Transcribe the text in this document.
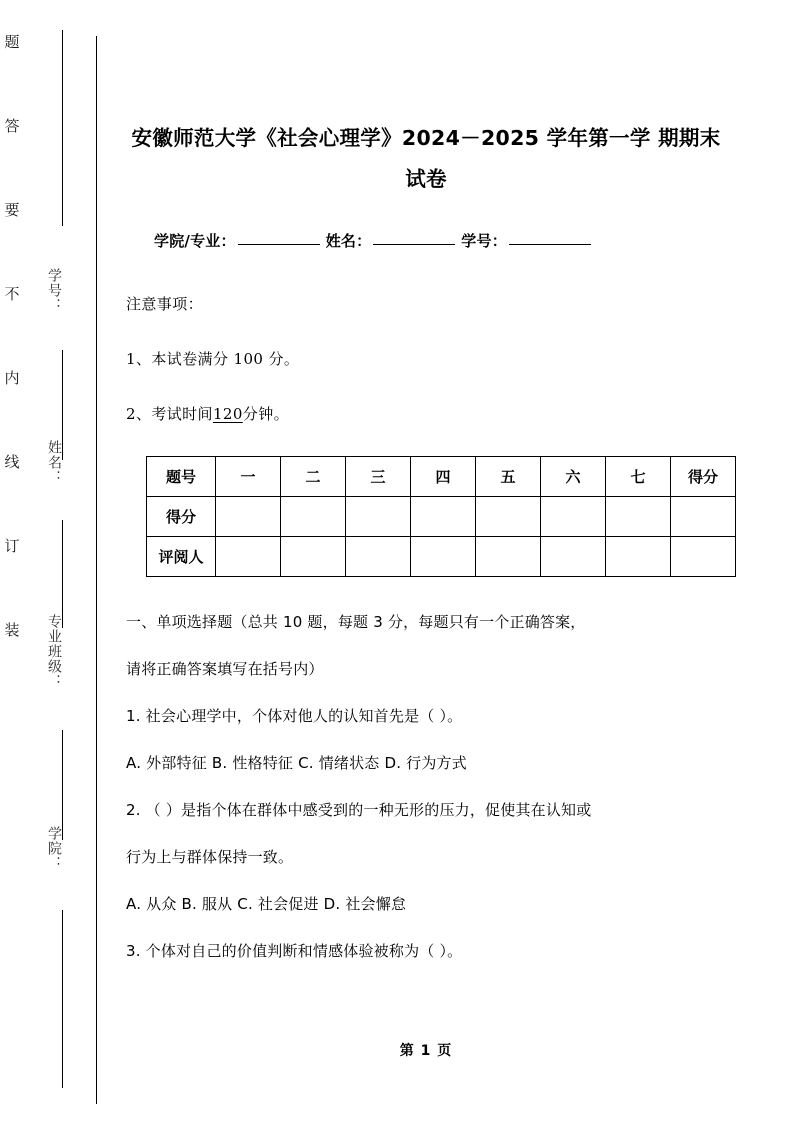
题
答
要
不
内
线
订
装
学号：
姓名：
专业班级：
学院：
安徽师范大学《社会心理学》2024－2025 学年第一学 期期末试卷
学院/专业：	姓名：	学号：

注意事项：

1、本试卷满分 100 分。

2、考试时间120分钟。

题号	一	二	三	四	五	六	七	得分
得分								
评阅人								

一、单项选择题（总共 10 题，每题 3 分，每题只有一个正确答案，

请将正确答案填写在括号内）

1. 社会心理学中，个体对他人的认知首先是（ ）。

A. 外部特征 B. 性格特征 C. 情绪状态 D. 行为方式

2. （ ）是指个体在群体中感受到的一种无形的压力，促使其在认知或

行为上与群体保持一致。

A. 从众 B. 服从 C. 社会促进 D. 社会懈怠

3. 个体对自己的价值判断和情感体验被称为（ ）。

第 1 页
